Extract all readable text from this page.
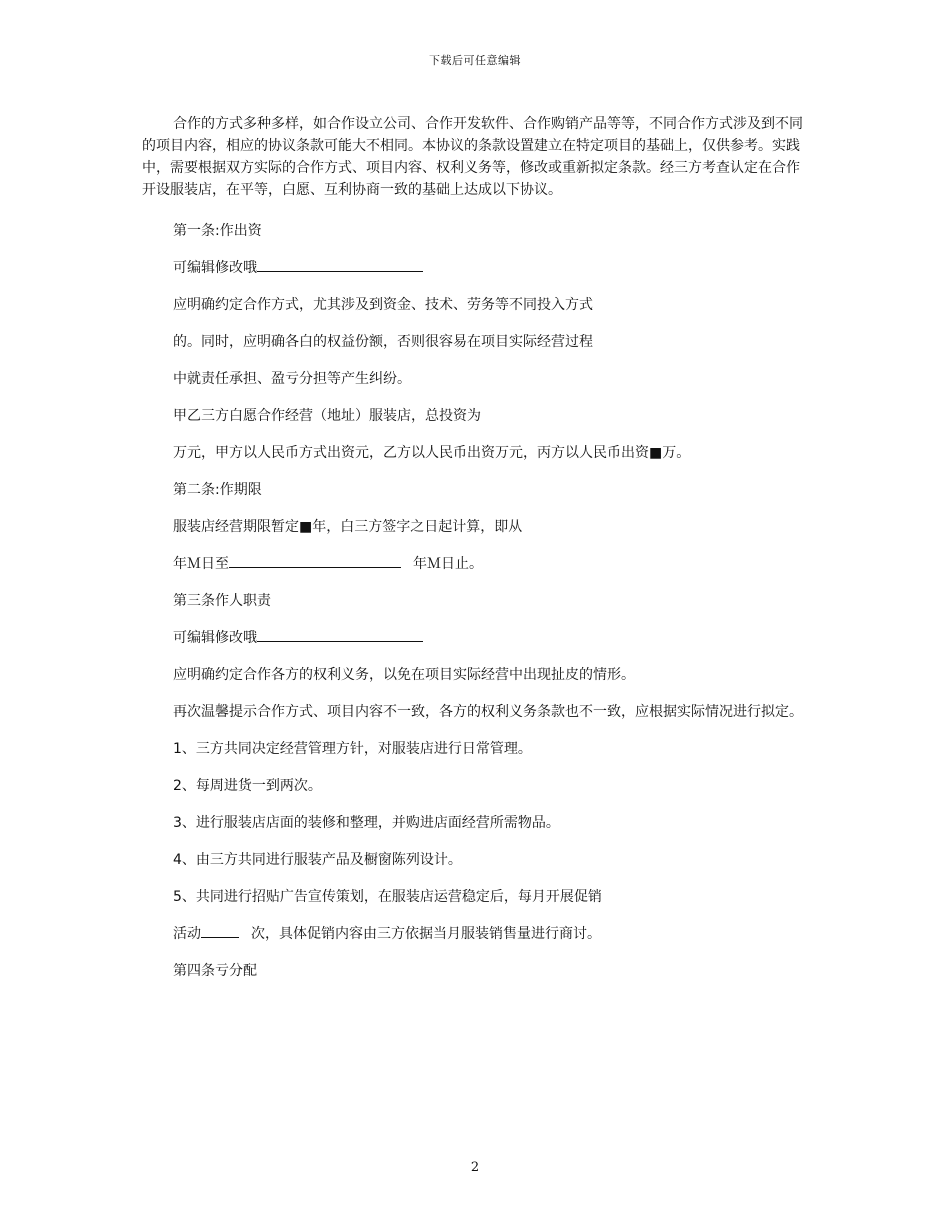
下载后可任意编辑

合作的方式多种多样，如合作设立公司、合作开发软件、合作购销产品等等，不同合作方式涉及到不同的项目内容，相应的协议条款可能大不相同。本协议的条款设置建立在特定项目的基础上，仅供参考。实践中，需要根据双方实际的合作方式、项目内容、权利义务等，修改或重新拟定条款。经三方考查认定在合作开设服装店，在平等，白愿、互利协商一致的基础上达成以下协议。

第一条:作出资

可编辑修改哦

应明确约定合作方式，尤其涉及到资金、技术、劳务等不同投入方式

的。同时，应明确各白的权益份额，否则很容易在项目实际经营过程

中就责任承担、盈亏分担等产生纠纷。

甲乙三方白愿合作经营（地址）服装店，总投资为

万元，甲方以人民币方式出资元，乙方以人民币出资万元，丙方以人民币出资■万。

第二条:作期限

服装店经营期限暂定■年，白三方签字之日起计算，即从

年Ｍ日至	年Ｍ日止。

第三条作人职责

可编辑修改哦

应明确约定合作各方的权利义务，以免在项目实际经营中出现扯皮的情形。

再次温馨提示合作方式、项目内容不一致，各方的权利义务条款也不一致，应根据实际情况进行拟定。

1、三方共同决定经营管理方针，对服装店进行日常管理。

2、每周进货一到两次。

3、进行服装店店面的装修和整理，并购进店面经营所需物品。

4、由三方共同进行服装产品及橱窗陈列设计。

5、共同进行招贴广告宣传策划，在服装店运营稳定后，每月开展促销

活动	次，具体促销内容由三方依据当月服装销售量进行商讨。

第四条亏分配

2
